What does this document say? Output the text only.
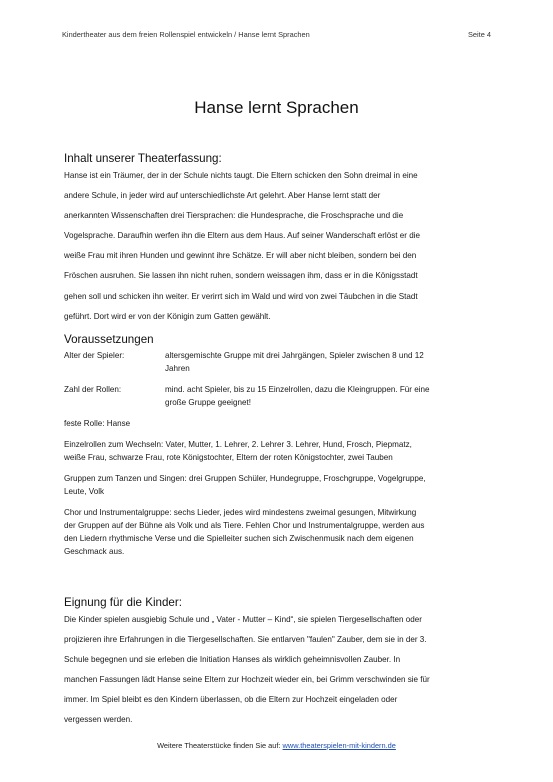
Kindertheater aus dem freien Rollenspiel entwickeln / Hanse lernt Sprachen	Seite 4
Hanse lernt Sprachen
Inhalt unserer Theaterfassung:
Hanse ist ein Träumer, der in der Schule nichts taugt. Die Eltern schicken den Sohn dreimal in eine
andere Schule, in jeder wird auf unterschiedlichste Art gelehrt. Aber Hanse lernt statt der
anerkannten Wissenschaften drei Tiersprachen: die Hundesprache, die Froschsprache und die
Vogelsprache. Daraufhin werfen ihn die Eltern aus dem Haus. Auf seiner Wanderschaft erlöst er die
weiße Frau mit ihren Hunden und gewinnt ihre Schätze. Er will aber nicht bleiben, sondern bei den
Fröschen ausruhen. Sie lassen ihn nicht ruhen, sondern weissagen ihm, dass er in die Königsstadt
gehen soll und schicken ihn weiter. Er verirrt sich im Wald und wird von zwei Täubchen in die Stadt
geführt. Dort wird er von der Königin zum Gatten gewählt.
Voraussetzungen
Alter der Spieler:	altersgemischte Gruppe mit drei Jahrgängen, Spieler zwischen 8 und 12
Jahren
Zahl der Rollen:	mind. acht Spieler, bis zu 15 Einzelrollen, dazu die Kleingruppen. Für eine
große Gruppe geeignet!
feste Rolle: Hanse
Einzelrollen zum Wechseln: Vater, Mutter, 1. Lehrer, 2. Lehrer 3. Lehrer, Hund, Frosch, Piepmatz,
weiße Frau, schwarze Frau, rote Königstochter, Eltern der roten Königstochter, zwei Tauben
Gruppen zum Tanzen und Singen: drei Gruppen Schüler, Hundegruppe, Froschgruppe, Vogelgruppe,
Leute, Volk
Chor und Instrumentalgruppe: sechs Lieder, jedes wird mindestens zweimal gesungen, Mitwirkung
der Gruppen auf der Bühne als Volk und als Tiere. Fehlen Chor und Instrumentalgruppe, werden aus
den Liedern rhythmische Verse und die Spielleiter suchen sich Zwischenmusik nach dem eigenen
Geschmack aus.
Eignung für die Kinder:
Die Kinder spielen ausgiebig Schule und „ Vater - Mutter – Kind“, sie spielen Tiergesellschaften oder
projizieren ihre Erfahrungen in die Tiergesellschaften. Sie entlarven "faulen" Zauber, dem sie in der 3.
Schule begegnen und sie erleben die Initiation Hanses als wirklich geheimnisvollen Zauber. In
manchen Fassungen lädt Hanse seine Eltern zur Hochzeit wieder ein, bei Grimm verschwinden sie für
immer. Im Spiel bleibt es den Kindern überlassen, ob die Eltern zur Hochzeit eingeladen oder
vergessen werden.
Weitere Theaterstücke finden Sie auf: www.theaterspielen-mit-kindern.de
